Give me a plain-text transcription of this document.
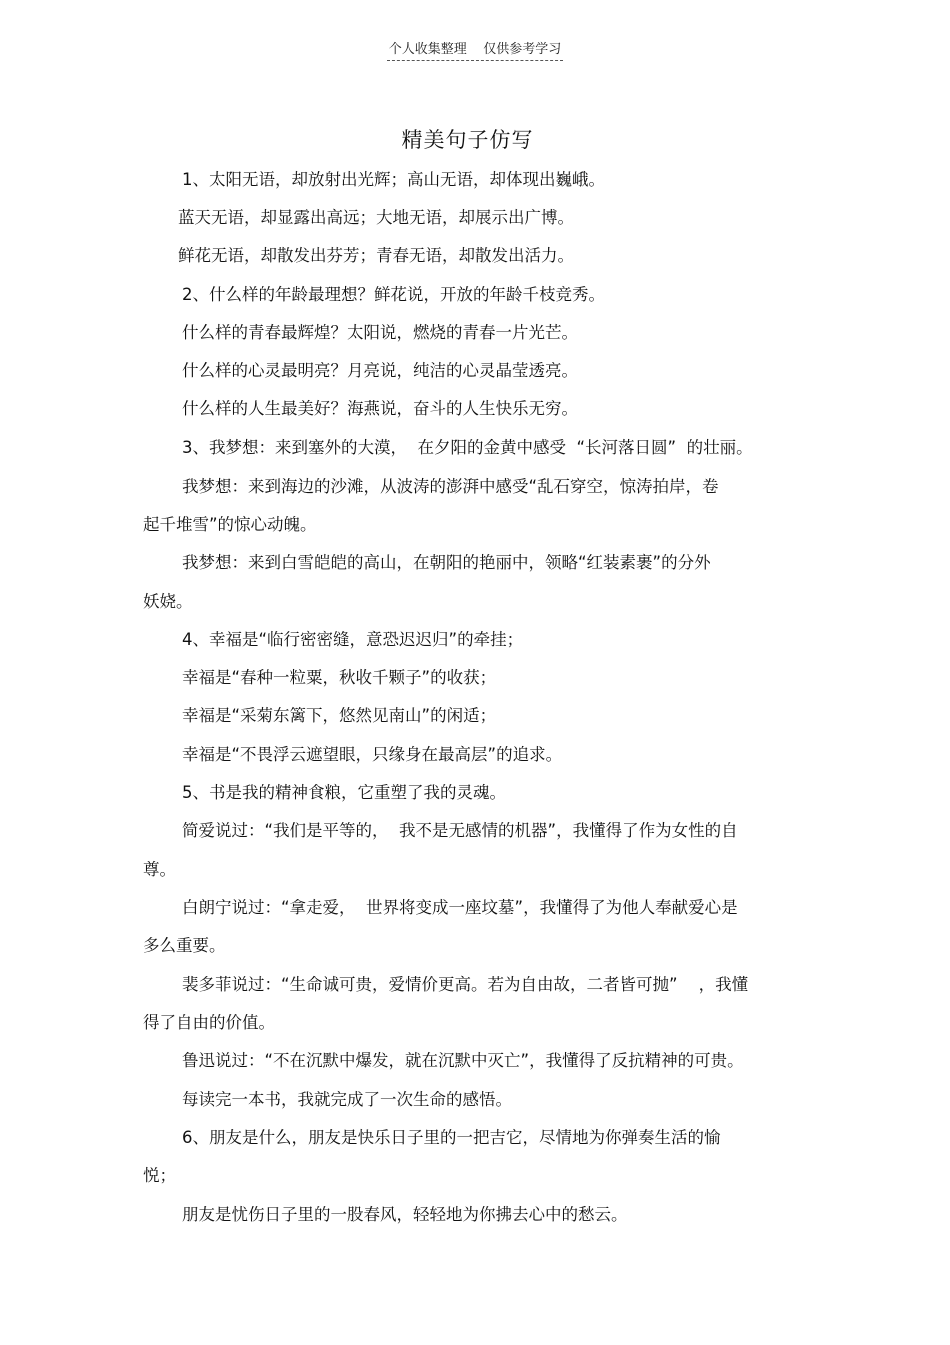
个人收集整理    仅供参考学习
精美句子仿写
1、太阳无语，却放射出光辉；高山无语，却体现出巍峨。
蓝天无语，却显露出高远；大地无语，却展示出广博。
鲜花无语，却散发出芬芳；青春无语，却散发出活力。
2、什么样的年龄最理想？鲜花说，开放的年龄千枝竞秀。
什么样的青春最辉煌？太阳说，燃烧的青春一片光芒。
什么样的心灵最明亮？月亮说，纯洁的心灵晶莹透亮。
什么样的人生最美好？海燕说，奋斗的人生快乐无穷。
3、我梦想：来到塞外的大漠，  在夕阳的金黄中感受  “长河落日圆”  的壮丽。
我梦想：来到海边的沙滩，从波涛的澎湃中感受“乱石穿空，惊涛拍岸，卷
起千堆雪”的惊心动魄。
我梦想：来到白雪皑皑的高山，在朝阳的艳丽中，领略“红装素裹”的分外
妖娆。
4、幸福是“临行密密缝，意恐迟迟归”的牵挂；
幸福是“春种一粒粟，秋收千颗子”的收获；
幸福是“采菊东篱下，悠然见南山”的闲适；
幸福是“不畏浮云遮望眼，只缘身在最高层”的追求。
5、书是我的精神食粮，它重塑了我的灵魂。
简爱说过：“我们是平等的，  我不是无感情的机器”，我懂得了作为女性的自
尊。
白朗宁说过：“拿走爱，  世界将变成一座坟墓”，我懂得了为他人奉献爱心是
多么重要。
裴多菲说过：“生命诚可贵，爱情价更高。若为自由故，二者皆可抛”    ，我懂
得了自由的价值。
鲁迅说过：“不在沉默中爆发，就在沉默中灭亡”，我懂得了反抗精神的可贵。
每读完一本书，我就完成了一次生命的感悟。
6、朋友是什么，朋友是快乐日子里的一把吉它，尽情地为你弹奏生活的愉
悦；
朋友是忧伤日子里的一股春风，轻轻地为你拂去心中的愁云。
